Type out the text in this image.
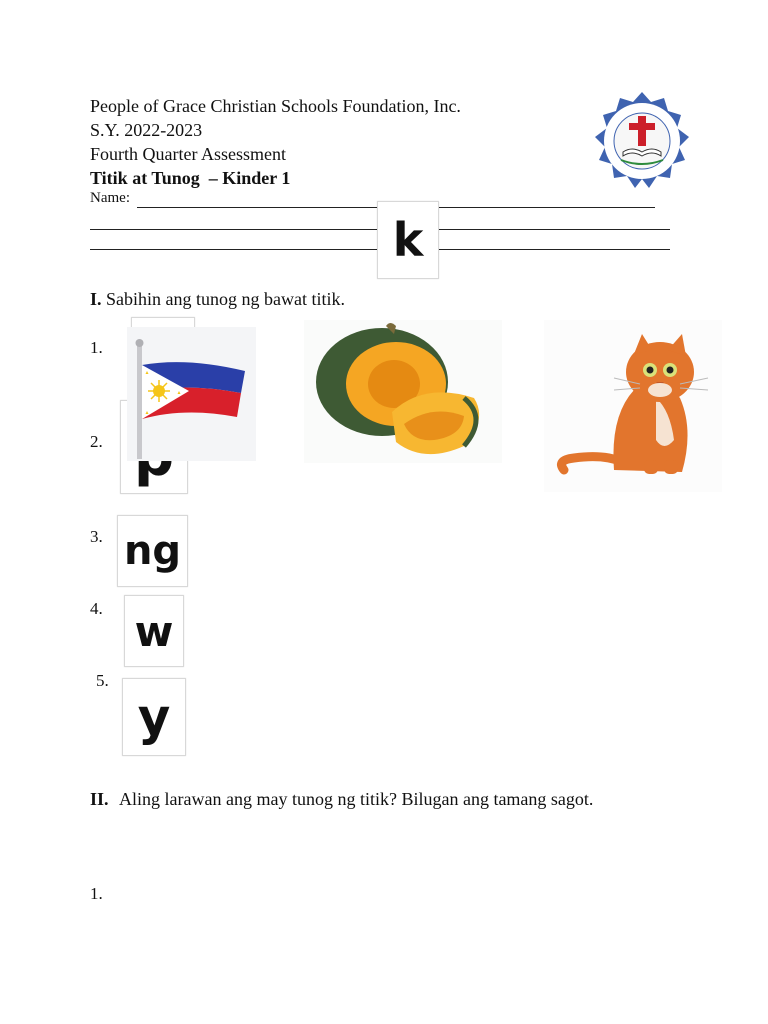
People of Grace Christian Schools Foundation, Inc.
S.Y. 2022-2023
Fourth Quarter Assessment
Titik at Tunog  – Kinder 1
Name:
k
I. Sabihin ang tunog ng bawat titik.
1.
2.
3.
4.
5.
ng
w
y
II. Aling larawan ang may tunog ng titik? Bilugan ang tamang sagot.
1.
